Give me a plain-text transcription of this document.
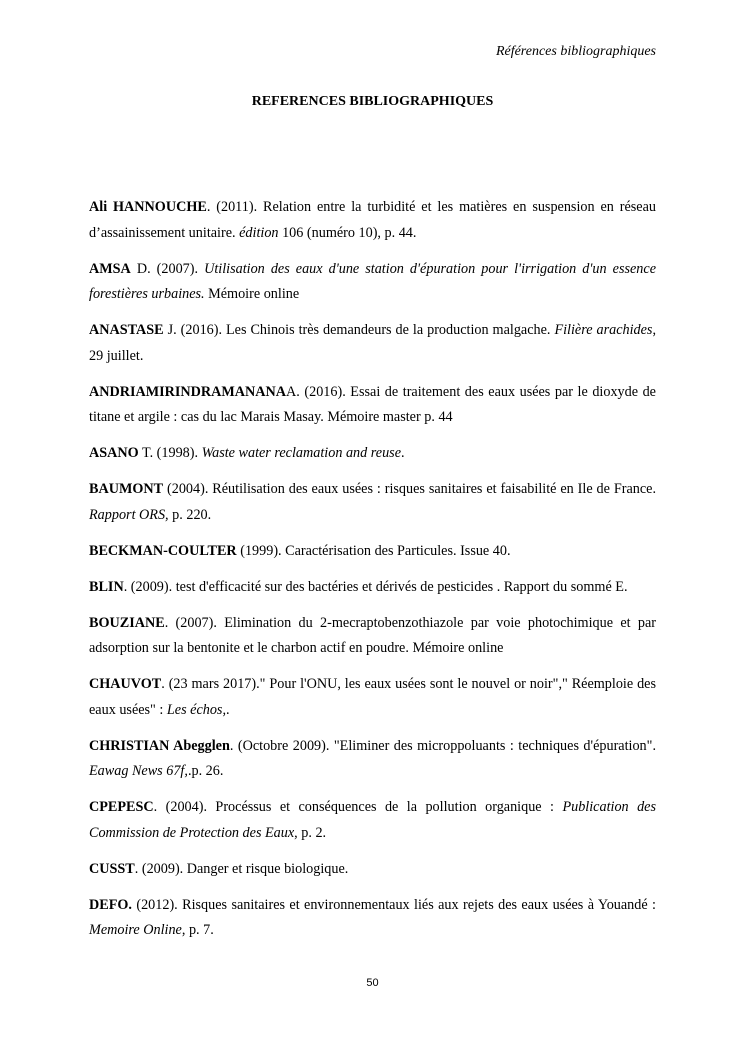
Références bibliographiques
REFERENCES BIBLIOGRAPHIQUES

Ali HANNOUCHE. (2011). Relation entre la turbidité et les matières en suspension en réseau d’assainissement unitaire. édition 106 (numéro 10), p. 44.

AMSA D. (2007). Utilisation des eaux d'une station d'épuration pour l'irrigation d'un essence forestières urbaines. Mémoire online

ANASTASE J. (2016). Les Chinois très demandeurs de la production malgache. Filière arachides, 29 juillet.

ANDRIAMIRINDRAMANANAA. (2016). Essai de traitement des eaux usées par le dioxyde de titane et argile : cas du lac Marais Masay. Mémoire master p. 44

ASANO T. (1998). Waste water reclamation and reuse.

BAUMONT (2004). Réutilisation des eaux usées : risques sanitaires et faisabilité en Ile de France. Rapport ORS, p. 220.

BECKMAN-COULTER (1999). Caractérisation des Particules. Issue 40.

BLIN. (2009). test d'efficacité sur des bactéries et dérivés de pesticides . Rapport du sommé E.

BOUZIANE. (2007). Elimination du 2-mecraptobenzothiazole par voie photochimique et par adsorption sur la bentonite et le charbon actif en poudre. Mémoire online

CHAUVOT. (23 mars 2017)." Pour l'ONU, les eaux usées sont le nouvel or noir"," Réemploie des eaux usées" : Les échos,.

CHRISTIAN Abegglen. (Octobre 2009). "Eliminer des microppoluants : techniques d'épuration". Eawag News 67f,.p. 26.

CPEPESC. (2004). Procéssus et conséquences de la pollution organique : Publication des Commission de Protection des Eaux, p. 2.

CUSST. (2009). Danger et risque biologique.

DEFO. (2012). Risques sanitaires et environnementaux liés aux rejets des eaux usées à Youandé : Memoire Online, p. 7.

50
